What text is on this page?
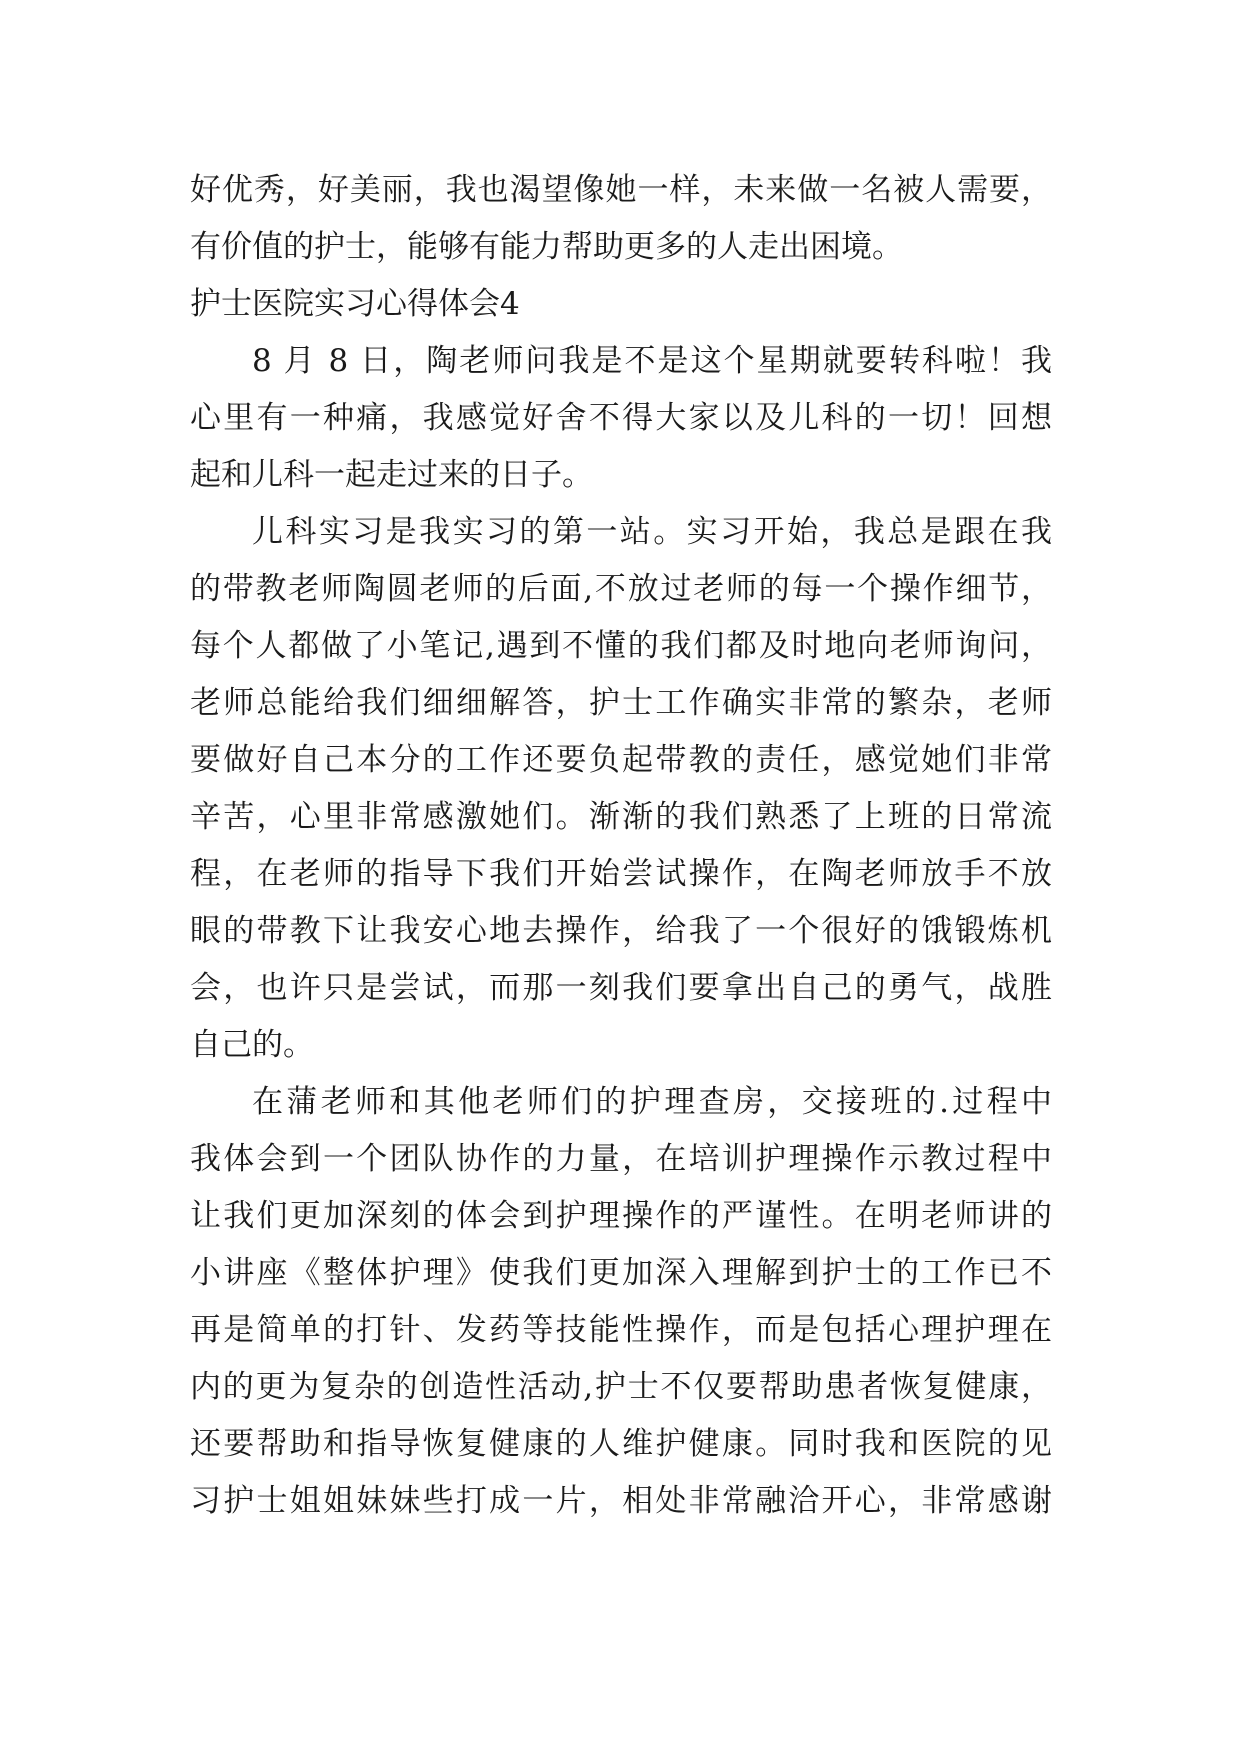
好优秀，好美丽，我也渴望像她一样，未来做一名被人需要，
有价值的护士，能够有能力帮助更多的人走出困境。
护士医院实习心得体会4
8 月 8 日，陶老师问我是不是这个星期就要转科啦！我
心里有一种痛，我感觉好舍不得大家以及儿科的一切！回想
起和儿科一起走过来的日子。
儿科实习是我实习的第一站。实习开始，我总是跟在我
的带教老师陶圆老师的后面,不放过老师的每一个操作细节，
每个人都做了小笔记,遇到不懂的我们都及时地向老师询问，
老师总能给我们细细解答，护士工作确实非常的繁杂，老师
要做好自己本分的工作还要负起带教的责任，感觉她们非常
辛苦，心里非常感激她们。渐渐的我们熟悉了上班的日常流
程，在老师的指导下我们开始尝试操作，在陶老师放手不放
眼的带教下让我安心地去操作，给我了一个很好的饿锻炼机
会，也许只是尝试，而那一刻我们要拿出自己的勇气，战胜
自己的。
在蒲老师和其他老师们的护理查房，交接班的.过程中
我体会到一个团队协作的力量，在培训护理操作示教过程中
让我们更加深刻的体会到护理操作的严谨性。在明老师讲的
小讲座《整体护理》使我们更加深入理解到护士的工作已不
再是简单的打针、发药等技能性操作，而是包括心理护理在
内的更为复杂的创造性活动,护士不仅要帮助患者恢复健康，
还要帮助和指导恢复健康的人维护健康。同时我和医院的见
习护士姐姐妹妹些打成一片，相处非常融洽开心，非常感谢
